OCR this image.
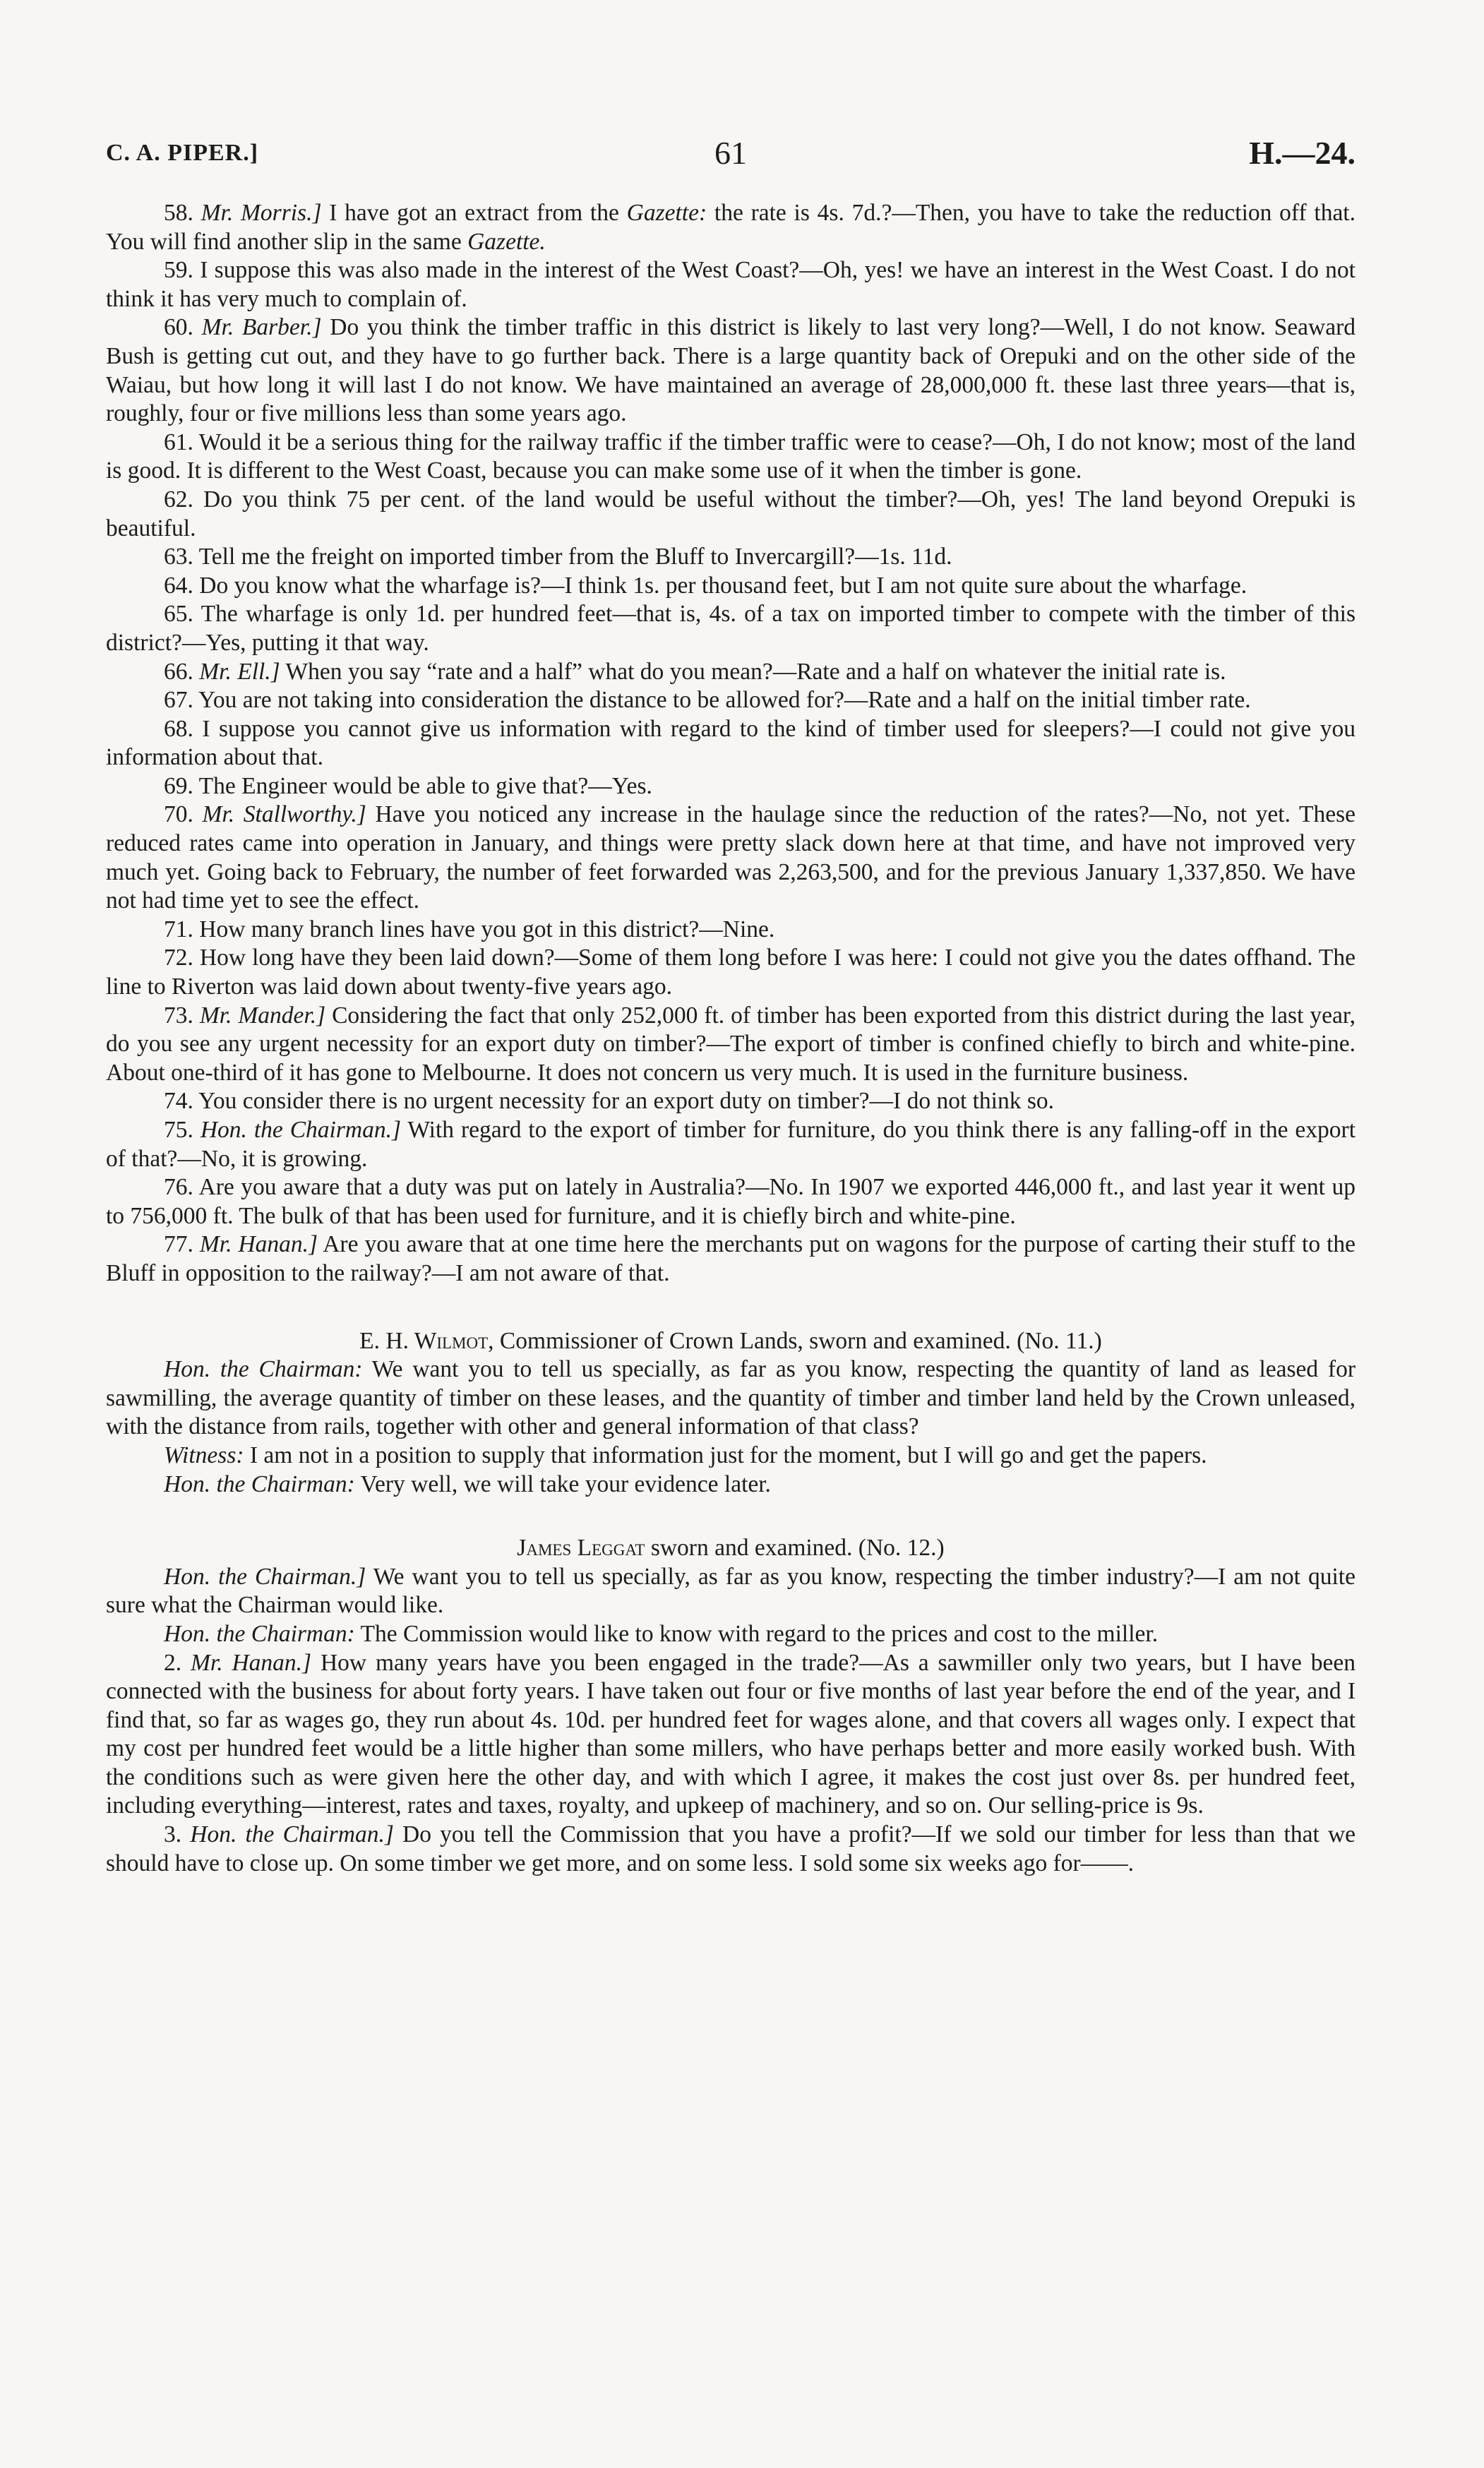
C. A. PIPER.]	61	H.—24.

58. Mr. Morris.] I have got an extract from the Gazette: the rate is 4s. 7d.?—Then, you have to take the reduction off that. You will find another slip in the same Gazette.

59. I suppose this was also made in the interest of the West Coast?—Oh, yes! we have an interest in the West Coast. I do not think it has very much to complain of.

60. Mr. Barber.] Do you think the timber traffic in this district is likely to last very long?—Well, I do not know. Seaward Bush is getting cut out, and they have to go further back. There is a large quantity back of Orepuki and on the other side of the Waiau, but how long it will last I do not know. We have maintained an average of 28,000,000 ft. these last three years—that is, roughly, four or five millions less than some years ago.

61. Would it be a serious thing for the railway traffic if the timber traffic were to cease?—Oh, I do not know; most of the land is good. It is different to the West Coast, because you can make some use of it when the timber is gone.

62. Do you think 75 per cent. of the land would be useful without the timber?—Oh, yes! The land beyond Orepuki is beautiful.

63. Tell me the freight on imported timber from the Bluff to Invercargill?—1s. 11d.

64. Do you know what the wharfage is?—I think 1s. per thousand feet, but I am not quite sure about the wharfage.

65. The wharfage is only 1d. per hundred feet—that is, 4s. of a tax on imported timber to compete with the timber of this district?—Yes, putting it that way.

66. Mr. Ell.] When you say “rate and a half” what do you mean?—Rate and a half on whatever the initial rate is.

67. You are not taking into consideration the distance to be allowed for?—Rate and a half on the initial timber rate.

68. I suppose you cannot give us information with regard to the kind of timber used for sleepers?—I could not give you information about that.

69. The Engineer would be able to give that?—Yes.

70. Mr. Stallworthy.] Have you noticed any increase in the haulage since the reduction of the rates?—No, not yet. These reduced rates came into operation in January, and things were pretty slack down here at that time, and have not improved very much yet. Going back to February, the number of feet forwarded was 2,263,500, and for the previous January 1,337,850. We have not had time yet to see the effect.

71. How many branch lines have you got in this district?—Nine.

72. How long have they been laid down?—Some of them long before I was here: I could not give you the dates offhand. The line to Riverton was laid down about twenty-five years ago.

73. Mr. Mander.] Considering the fact that only 252,000 ft. of timber has been exported from this district during the last year, do you see any urgent necessity for an export duty on timber?—The export of timber is confined chiefly to birch and white-pine. About one-third of it has gone to Melbourne. It does not concern us very much. It is used in the furniture business.

74. You consider there is no urgent necessity for an export duty on timber?—I do not think so.

75. Hon. the Chairman.] With regard to the export of timber for furniture, do you think there is any falling-off in the export of that?—No, it is growing.

76. Are you aware that a duty was put on lately in Australia?—No. In 1907 we exported 446,000 ft., and last year it went up to 756,000 ft. The bulk of that has been used for furniture, and it is chiefly birch and white-pine.

77. Mr. Hanan.] Are you aware that at one time here the merchants put on wagons for the purpose of carting their stuff to the Bluff in opposition to the railway?—I am not aware of that.

E. H. Wilmot, Commissioner of Crown Lands, sworn and examined. (No. 11.)

Hon. the Chairman: We want you to tell us specially, as far as you know, respecting the quantity of land as leased for sawmilling, the average quantity of timber on these leases, and the quantity of timber and timber land held by the Crown unleased, with the distance from rails, together with other and general information of that class?

Witness: I am not in a position to supply that information just for the moment, but I will go and get the papers.

Hon. the Chairman: Very well, we will take your evidence later.

James Leggat sworn and examined. (No. 12.)

Hon. the Chairman.] We want you to tell us specially, as far as you know, respecting the timber industry?—I am not quite sure what the Chairman would like.

Hon. the Chairman: The Commission would like to know with regard to the prices and cost to the miller.

2. Mr. Hanan.] How many years have you been engaged in the trade?—As a sawmiller only two years, but I have been connected with the business for about forty years. I have taken out four or five months of last year before the end of the year, and I find that, so far as wages go, they run about 4s. 10d. per hundred feet for wages alone, and that covers all wages only. I expect that my cost per hundred feet would be a little higher than some millers, who have perhaps better and more easily worked bush. With the conditions such as were given here the other day, and with which I agree, it makes the cost just over 8s. per hundred feet, including everything—interest, rates and taxes, royalty, and upkeep of machinery, and so on. Our selling-price is 9s.

3. Hon. the Chairman.] Do you tell the Commission that you have a profit?—If we sold our timber for less than that we should have to close up. On some timber we get more, and on some less. I sold some six weeks ago for——.
